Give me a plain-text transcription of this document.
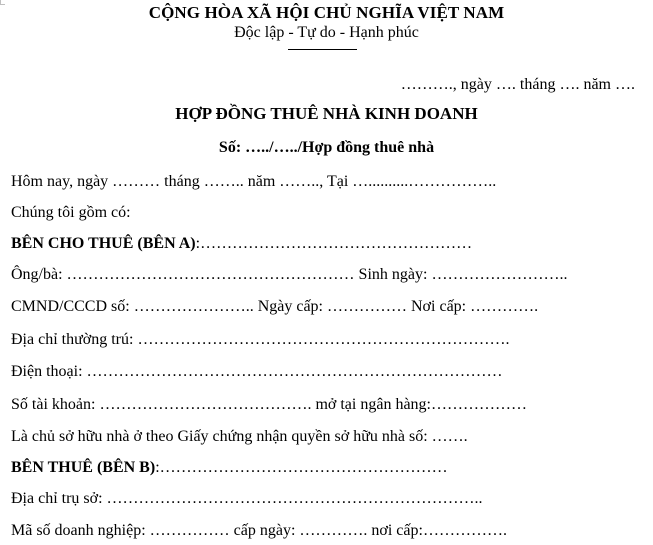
CỘNG HÒA XÃ HỘI CHỦ NGHĨA VIỆT NAM
Độc lập - Tự do - Hạnh phúc
………., ngày …. tháng …. năm ….
HỢP ĐỒNG THUÊ NHÀ KINH DOANH
Số: …../…../Hợp đồng thuê nhà
Hôm nay, ngày ……… tháng …….. năm …….., Tại …..........……………..
Chúng tôi gồm có:
BÊN CHO THUÊ (BÊN A):……………………………………………
Ông/bà: ……………………………………………… Sinh ngày: ……………………..
CMND/CCCD số: ………………….. Ngày cấp: …………… Nơi cấp: ………….
Địa chỉ thường trú: …………………………………………………………….
Điện thoại: ……………………………………………………………………
Số tài khoản: …………………………………. mở tại ngân hàng:………………
Là chủ sở hữu nhà ở theo Giấy chứng nhận quyền sở hữu nhà số: …….
BÊN THUÊ (BÊN B):………………………………………………
Địa chỉ trụ sở: ……………………………………………………………..
Mã số doanh nghiệp: …………… cấp ngày: …………. nơi cấp:…………….
